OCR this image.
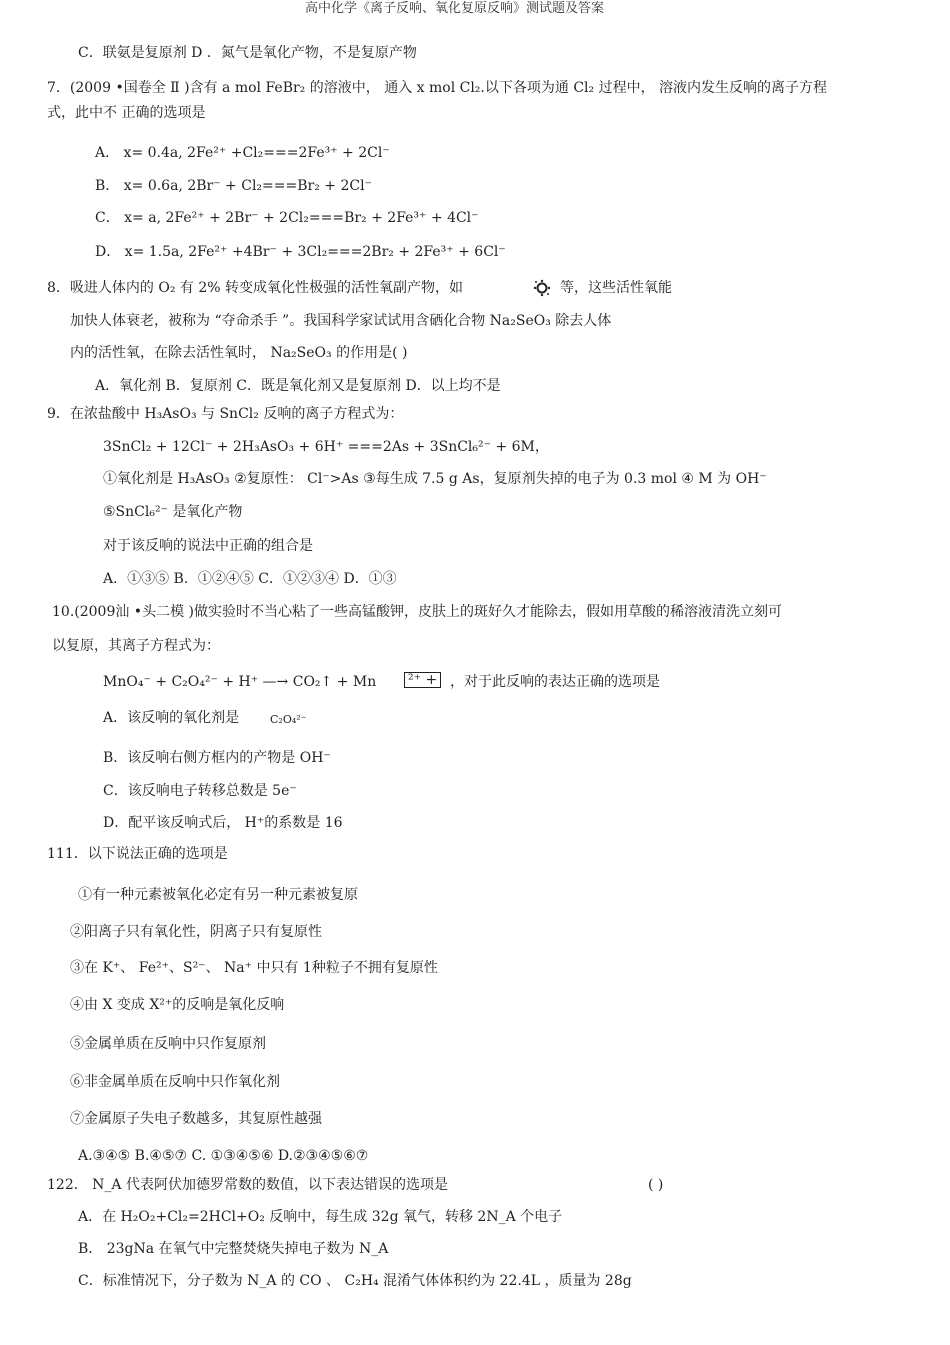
高中化学《离子反响、氧化复原反响》测试题及答案
C．联氨是复原剂 D ．氮气是氧化产物，不是复原产物
7．(2009 •国卷全 Ⅱ )含有 a mol FeBr₂ 的溶液中， 通入 x mol Cl₂.以下各项为通 Cl₂ 过程中， 溶液内发生反响的离子方程
式，此中不 正确的选项是
A． x= 0.4a, 2Fe²⁺ +Cl₂===2Fe³⁺ + 2Cl⁻
B． x= 0.6a, 2Br⁻ + Cl₂===Br₂ + 2Cl⁻
C． x= a, 2Fe²⁺ + 2Br⁻ + 2Cl₂===Br₂ + 2Fe³⁺ + 4Cl⁻
D． x= 1.5a, 2Fe²⁺ +4Br⁻ + 3Cl₂===2Br₂ + 2Fe³⁺ + 6Cl⁻
8．吸进人体内的 O₂ 有 2% 转变成氧化性极强的活性氧副产物，如	等，这些活性氧能
加快人体衰老，被称为 “夺命杀手 ”。我国科学家试试用含硒化合物 Na₂SeO₃ 除去人体
内的活性氧，在除去活性氧时， Na₂SeO₃ 的作用是( )
A．氧化剂 B．复原剂 C．既是氧化剂又是复原剂 D．以上均不是
9．在浓盐酸中 H₃AsO₃ 与 SnCl₂ 反响的离子方程式为：
3SnCl₂ + 12Cl⁻ + 2H₃AsO₃ + 6H⁺ ===2As + 3SnCl₆²⁻ + 6M，
①氧化剂是 H₃AsO₃ ②复原性： Cl⁻>As ③每生成 7.5 g As，复原剂失掉的电子为 0.3 mol ④ M 为 OH⁻
⑤SnCl₆²⁻ 是氧化产物
对于该反响的说法中正确的组合是
A．①③⑤ B．①②④⑤ C．①②③④ D．①③
10.(2009汕 •头二模 )做实验时不当心粘了一些高锰酸钾，皮肤上的斑好久才能除去，假如用草酸的稀溶液清洗立刻可
以复原，其离子方程式为：
MnO₄⁻ + C₂O₄²⁻ + H⁺ —→ CO₂↑ + Mn ²⁺ + ，对于此反响的表达正确的选项是
A．该反响的氧化剂是	C₂O₄²⁻
B．该反响右侧方框内的产物是 OH⁻
C．该反响电子转移总数是 5e⁻
D．配平该反响式后， H⁺的系数是 16
111．以下说法正确的选项是
①有一种元素被氧化必定有另一种元素被复原
②阳离子只有氧化性，阴离子只有复原性
③在 K⁺、 Fe²⁺、S²⁻、 Na⁺ 中只有 1种粒子不拥有复原性
④由 X 变成 X²⁺的反响是氧化反响
⑤金属单质在反响中只作复原剂
⑥非金属单质在反响中只作氧化剂
⑦金属原子失电子数越多，其复原性越强
A.③④⑤ B.④⑤⑦ C. ①③④⑤⑥ D.②③④⑤⑥⑦
122． N_A 代表阿伏加德罗常数的数值，以下表达错误的选项是	( )
A．在 H₂O₂+Cl₂=2HCl+O₂ 反响中，每生成 32g 氧气，转移 2N_A 个电子
B． 23gNa 在氧气中完整焚烧失掉电子数为 N_A
C．标准情况下，分子数为 N_A 的 CO 、 C₂H₄ 混淆气体体积约为 22.4L ，质量为 28g
